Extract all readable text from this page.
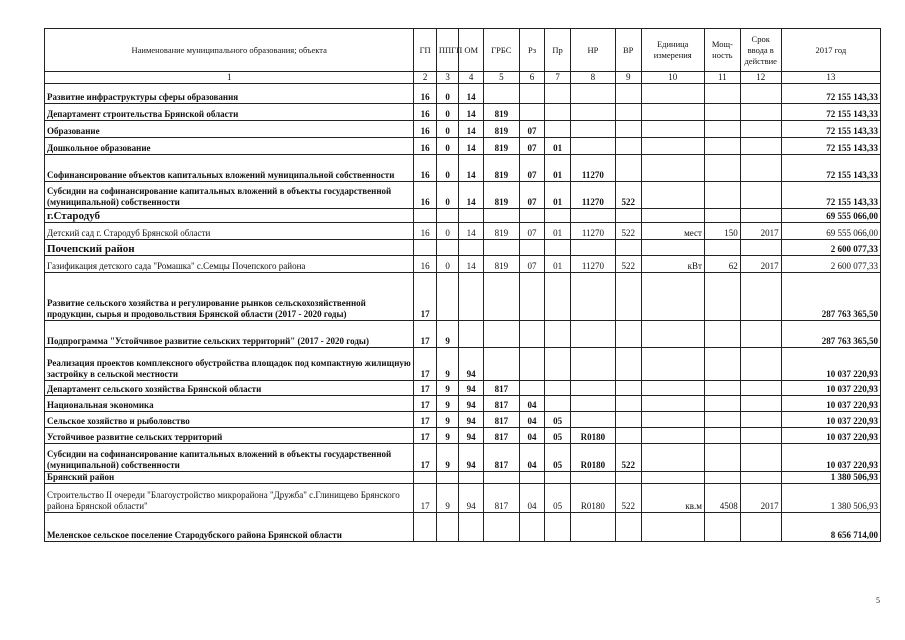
Наименование муниципального образования; объекта	ГП	ППГП	ОМ	ГРБС	Рз	Пр	НР	ВР	Единица измерения	Мощ-ность	Срок ввода в действие	2017 год
1	2	3	4	5	6	7	8	9	10	11	12	13
Развитие инфраструктуры сферы образования	16	0	14									72 155 143,33
Департамент строительства Брянской области	16	0	14	819								72 155 143,33
Образование	16	0	14	819	07							72 155 143,33
Дошкольное образование	16	0	14	819	07	01						72 155 143,33
Софинансирование объектов капитальных вложений муниципальной собственности	16	0	14	819	07	01	11270					72 155 143,33
Субсидии на софинансирование капитальных вложений в объекты государственной (муниципальной) собственности	16	0	14	819	07	01	11270	522				72 155 143,33
г.Стародуб												69 555 066,00
Детский сад г. Стародуб Брянской области	16	0	14	819	07	01	11270	522	мест	150	2017	69 555 066,00
Почепский район												2 600 077,33
Газификация детского сада "Ромашка" с.Семцы Почепского района	16	0	14	819	07	01	11270	522	кВт	62	2017	2 600 077,33
Развитие сельского хозяйства и регулирование рынков сельскохозяйственной продукции, сырья и продовольствия Брянской области (2017 - 2020 годы)	17											287 763 365,50
Подпрограмма "Устойчивое развитие сельских территорий" (2017 - 2020 годы)	17	9										287 763 365,50
Реализация проектов комплексного обустройства площадок под компактную жилищную застройку в сельской местности	17	9	94									10 037 220,93
Департамент сельского хозяйства Брянской области	17	9	94	817								10 037 220,93
Национальная экономика	17	9	94	817	04							10 037 220,93
Сельское хозяйство и рыболовство	17	9	94	817	04	05						10 037 220,93
Устойчивое развитие сельских территорий	17	9	94	817	04	05	R0180					10 037 220,93
Субсидии на софинансирование капитальных вложений в объекты государственной (муниципальной) собственности	17	9	94	817	04	05	R0180	522				10 037 220,93
Брянский район												1 380 506,93
Строительство II очереди "Благоустройство микрорайона "Дружба" с.Глинищево Брянского района Брянской области"	17	9	94	817	04	05	R0180	522	кв.м	4508	2017	1 380 506,93
Меленское сельское поселение Стародубского района Брянской области												8 656 714,00
5
